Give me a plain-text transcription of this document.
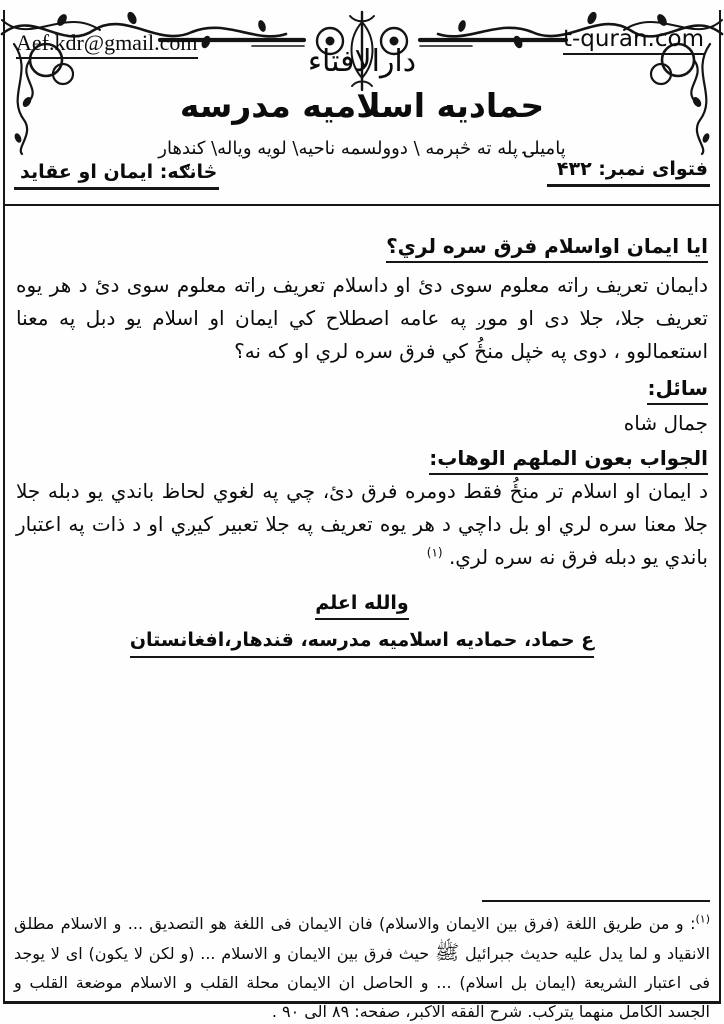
Aef.kdr@gmail.com	t-quran.com
دارالافتاء
حماديه اسلاميه مدرسه
پاميلۍ پله ته څېرمه \ دوولسمه ناحيه\ لويه وياله\ كندهار
فتوای نمبر: ۴۳۲
څانګه: ايمان او عقايد

ايا ايمان اواسلام فرق سره لري؟

دايمان تعريف راته معلوم سوى دئ او داسلام تعريف راته معلوم سوى دئ د هر يوه تعريف جلا، جلا دى او موږ په عامه اصطلاح كي ايمان او اسلام يو دبل په معنا استعمالوو ، دوى په خپل منځُ كي فرق سره لري او كه نه؟

سائل:

جمال شاه

الجواب بعون الملهم الوهاب:

د ايمان او اسلام تر منځُ فقط دومره فرق دئ، چي په لغوي لحاظ باندي يو دبله جلا جلا معنا سره لري او بل داچي د هر يوه تعريف په جلا تعبير كيږي او د ذات په اعتبار باندي يو دبله فرق نه سره لري. $^{(۱)}$

والله اعلم
ع حماد، حماديه اسلاميه مدرسه، قندهار،افغانستان

$^{(۱)}$: و من طريق اللغة (فرق بين الايمان والاسلام) فان الايمان فى اللغة هو التصديق ... و الاسلام مطلق الانقياد و لما يدل عليه حديث جبرائيل ﷺ حيث فرق بين الايمان و الاسلام ... (و لكن لا يكون) اى لا يوجد فى اعتبار الشريعة (ايمان بل اسلام) ... و الحاصل ان الايمان محلة القلب و الاسلام موضعة القلب و الجسد الكامل منهما يتركب. شرح الفقه الاكبر، صفحه: ۸۹ الى ۹۰ .
